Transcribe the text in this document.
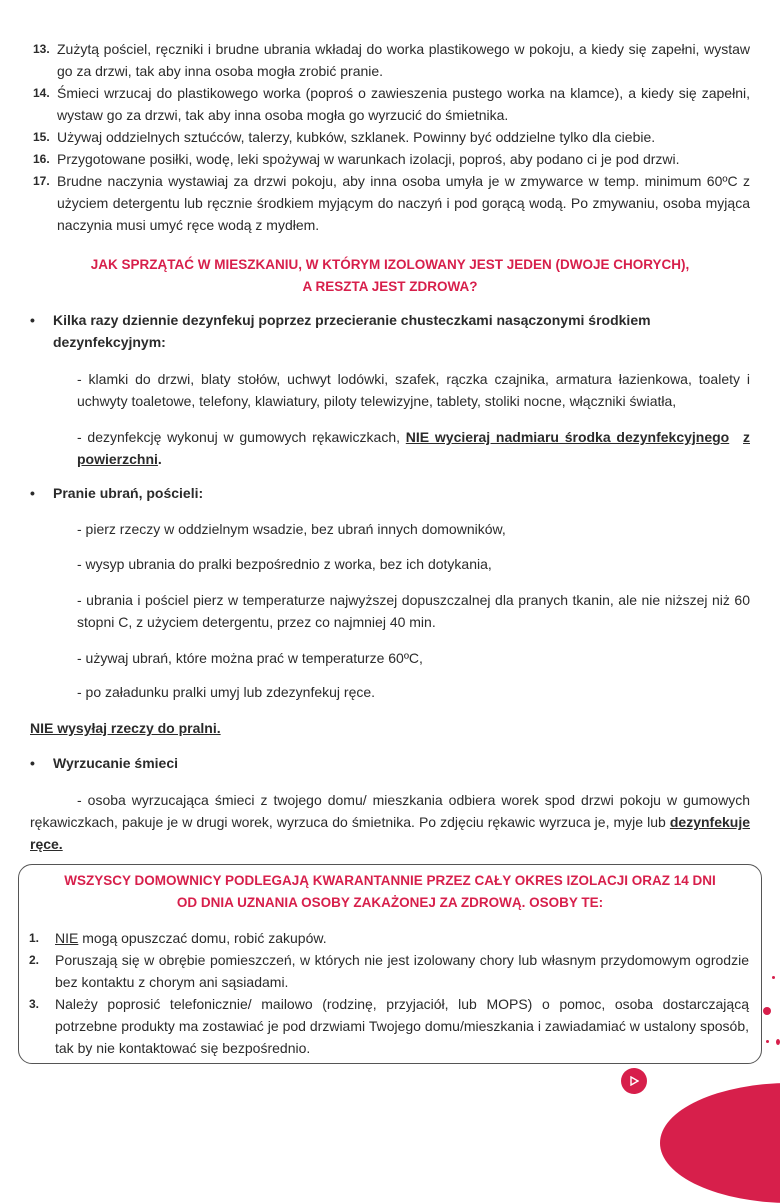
13. Zużytą pościel, ręczniki i brudne ubrania wkładaj do worka plastikowego w pokoju, a kiedy się zapełni, wystaw go za drzwi, tak aby inna osoba mogła zrobić pranie.
14. Śmieci wrzucaj do plastikowego worka (poproś o zawieszenia pustego worka na klamce), a kiedy się zapełni, wystaw go za drzwi, tak aby inna osoba mogła go wyrzucić do śmietnika.
15. Używaj oddzielnych sztućców, talerzy, kubków, szklanek. Powinny być oddzielne tylko dla ciebie.
16. Przygotowane posiłki, wodę, leki spożywaj w warunkach izolacji, poproś, aby podano ci je pod drzwi.
17. Brudne naczynia wystawiaj za drzwi pokoju, aby inna osoba umyła je w zmywarce w temp. minimum 60ºC z użyciem detergentu lub ręcznie środkiem myjącym do naczyń i pod gorącą wodą. Po zmywaniu, osoba myjąca naczynia musi umyć ręce wodą z mydłem.
JAK SPRZĄTAĆ W MIESZKANIU, W KTÓRYM IZOLOWANY JEST JEDEN (DWOJE CHORYCH),
A RESZTA JEST ZDROWA?
• Kilka razy dziennie dezynfekuj poprzez przecieranie chusteczkami nasączonymi środkiem dezynfekcyjnym:
- klamki do drzwi, blaty stołów, uchwyt lodówki, szafek, rączka czajnika, armatura łazienkowa, toalety i uchwyty toaletowe, telefony, klawiatury, piloty telewizyjne, tablety, stoliki nocne, włączniki światła,
- dezynfekcję wykonuj w gumowych rękawiczkach, NIE wycieraj nadmiaru środka dezynfekcyjnego z powierzchni.
• Pranie ubrań, pościeli:
- pierz rzeczy w oddzielnym wsadzie, bez ubrań innych domowników,
- wysyp ubrania do pralki bezpośrednio z worka, bez ich dotykania,
- ubrania i pościel pierz w temperaturze najwyższej dopuszczalnej dla pranych tkanin, ale nie niższej niż 60 stopni C, z użyciem detergentu, przez co najmniej 40 min.
- używaj ubrań, które można prać w temperaturze 60ºC,
- po załadunku pralki umyj lub zdezynfekuj ręce.
NIE wysyłaj rzeczy do pralni.
• Wyrzucanie śmieci
- osoba wyrzucająca śmieci z twojego domu/ mieszkania odbiera worek spod drzwi pokoju w gumowych rękawiczkach, pakuje je w drugi worek, wyrzuca do śmietnika. Po zdjęciu rękawic wyrzuca je, myje lub dezynfekuje ręce.
WSZYSCY DOMOWNICY PODLEGAJĄ KWARANTANNIE PRZEZ CAŁY OKRES IZOLACJI ORAZ 14 DNI
OD DNIA UZNANIA OSOBY ZAKAŻONEJ ZA ZDROWĄ. OSOBY TE:
1. NIE mogą opuszczać domu, robić zakupów.
2. Poruszają się w obrębie pomieszczeń, w których nie jest izolowany chory lub własnym przydomowym ogrodzie bez kontaktu z chorym ani sąsiadami.
3. Należy poprosić telefonicznie/ mailowo (rodzinę, przyjaciół, lub MOPS) o pomoc, osoba dostarczającą potrzebne produkty ma zostawiać je pod drzwiami Twojego domu/mieszkania i zawiadamiać w ustalony sposób, tak by nie kontaktować się bezpośrednio.
